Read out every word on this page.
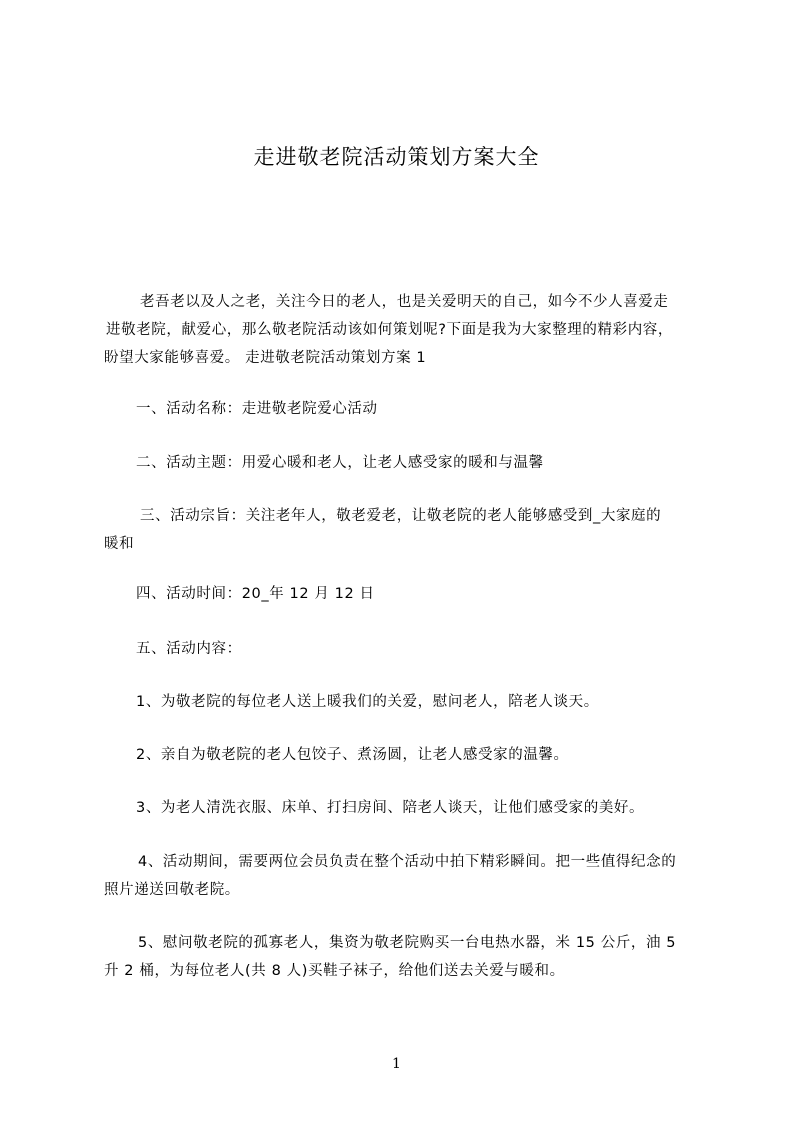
走进敬老院活动策划方案大全
老吾老以及人之老，关注今日的老人，也是关爱明天的自己，如今不少人喜爱走
进敬老院，献爱心，那么敬老院活动该如何策划呢?下面是我为大家整理的精彩内容，
盼望大家能够喜爱。 走进敬老院活动策划方案 1
一、活动名称：走进敬老院爱心活动
二、活动主题：用爱心暖和老人，让老人感受家的暖和与温馨
三、活动宗旨：关注老年人，敬老爱老，让敬老院的老人能够感受到_大家庭的
暖和
四、活动时间：20_年 12 月 12 日
五、活动内容：
1、为敬老院的每位老人送上暖我们的关爱，慰问老人，陪老人谈天。
2、亲自为敬老院的老人包饺子、煮汤圆，让老人感受家的温馨。
3、为老人清洗衣服、床单、打扫房间、陪老人谈天，让他们感受家的美好。
4、活动期间，需要两位会员负责在整个活动中拍下精彩瞬间。把一些值得纪念的
照片递送回敬老院。
5、慰问敬老院的孤寡老人，集资为敬老院购买一台电热水器，米 15 公斤，油 5
升 2 桶，为每位老人(共 8 人)买鞋子袜子，给他们送去关爱与暖和。
1
